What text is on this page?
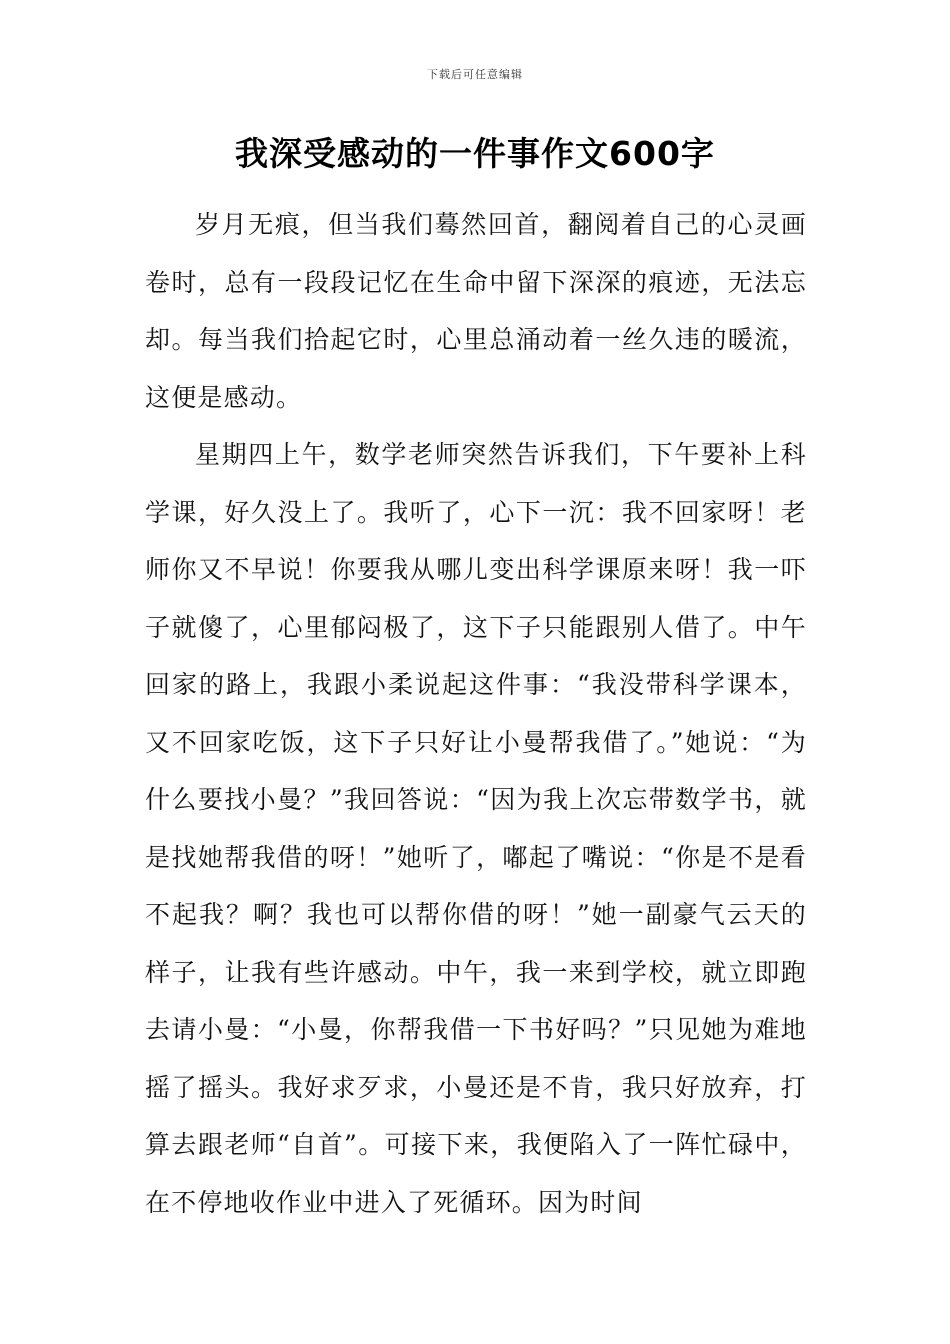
下载后可任意编辑
我深受感动的一件事作文600字

岁月无痕，但当我们蓦然回首，翻阅着自己的心灵画卷时，总有一段段记忆在生命中留下深深的痕迹，无法忘却。每当我们拾起它时，心里总涌动着一丝久违的暖流，这便是感动。

星期四上午，数学老师突然告诉我们，下午要补上科学课，好久没上了。我听了，心下一沉：我不回家呀！老师你又不早说！你要我从哪儿变出科学课原来呀！我一吓子就傻了，心里郁闷极了，这下子只能跟别人借了。中午回家的路上，我跟小柔说起这件事：“我没带科学课本，又不回家吃饭，这下子只好让小曼帮我借了。”她说：“为什么要找小曼？”我回答说：“因为我上次忘带数学书，就是找她帮我借的呀！”她听了，嘟起了嘴说：“你是不是看不起我？啊？我也可以帮你借的呀！”她一副豪气云天的样子，让我有些许感动。中午，我一来到学校，就立即跑去请小曼：“小曼，你帮我借一下书好吗？”只见她为难地摇了摇头。我好求歹求，小曼还是不肯，我只好放弃，打算去跟老师“自首”。可接下来，我便陷入了一阵忙碌中，在不停地收作业中进入了死循环。因为时间
